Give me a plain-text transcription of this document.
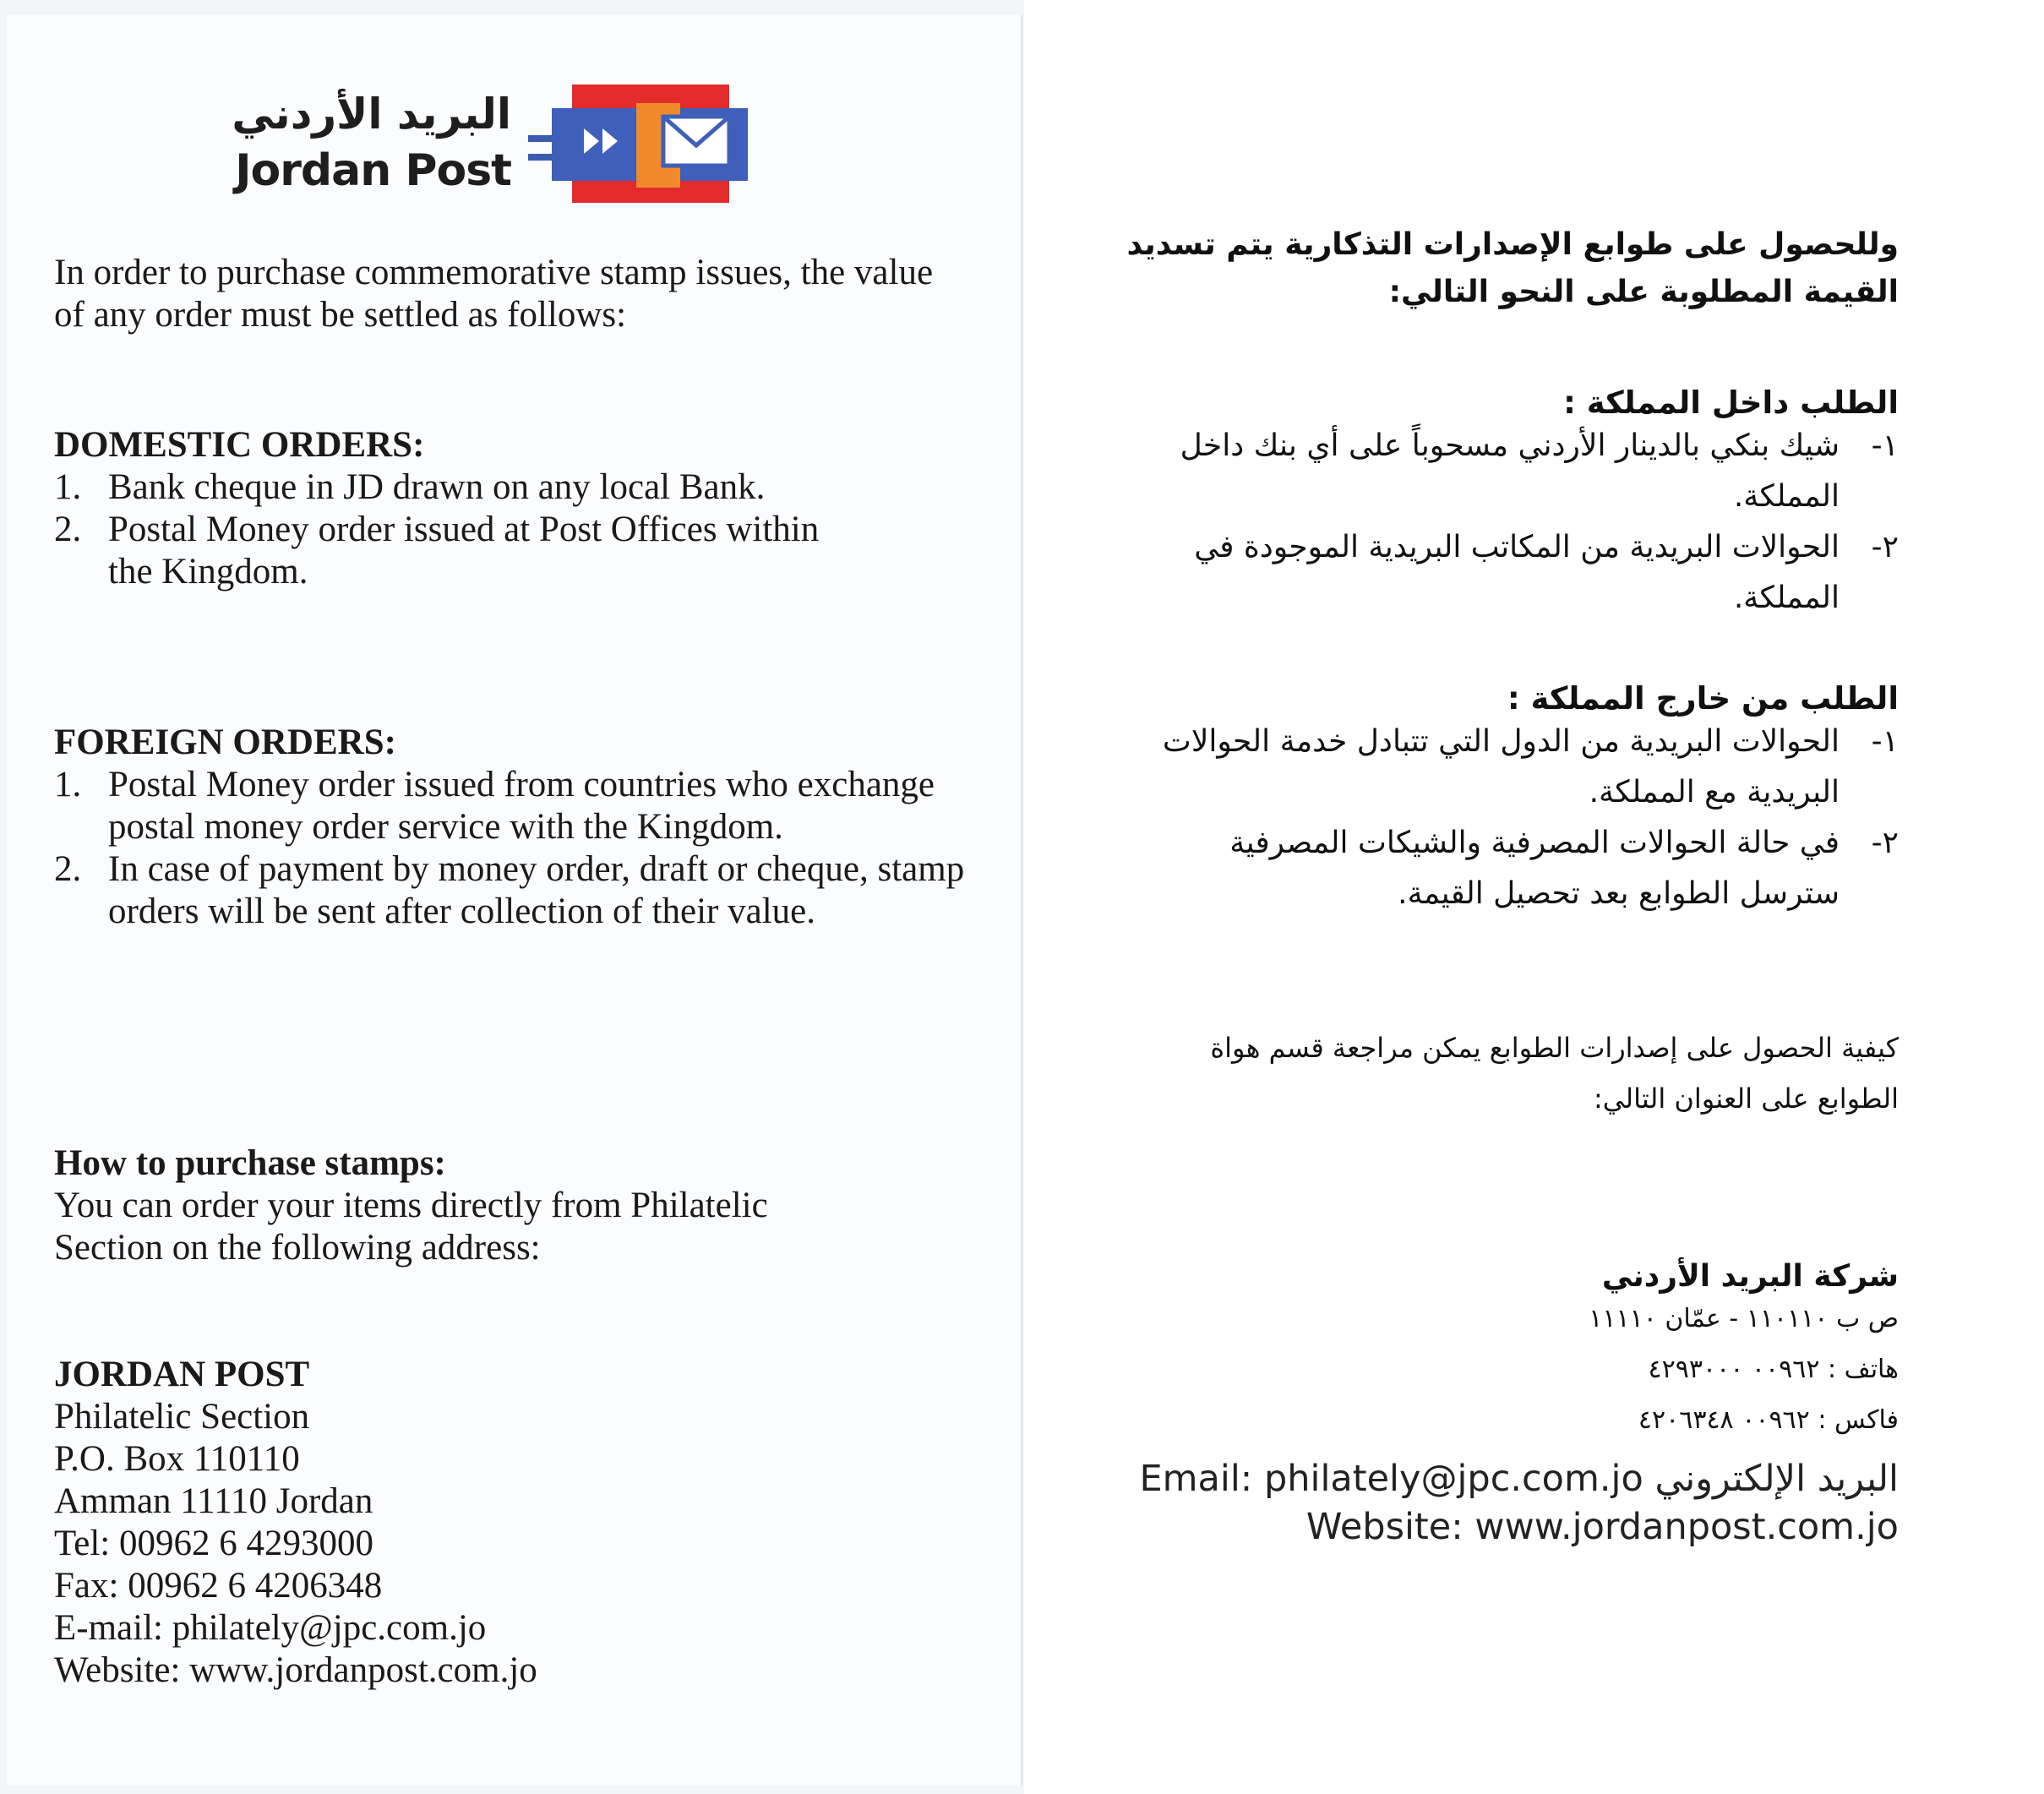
البريد الأردني
Jordan Post
In order to purchase commemorative stamp issues, the value of any order must be settled as follows:
DOMESTIC ORDERS:
1. Bank cheque in JD drawn on any local Bank.
2. Postal Money order issued at Post Offices within the Kingdom.
FOREIGN ORDERS:
1. Postal Money order issued from countries who exchange postal money order service with the Kingdom.
2. In case of payment by money order, draft or cheque, stamp orders will be sent after collection of their value.
How to purchase stamps:
You can order your items directly from Philatelic Section on the following address:
JORDAN POST
Philatelic Section
P.O. Box 110110
Amman 11110 Jordan
Tel: 00962 6 4293000
Fax: 00962 6 4206348
E-mail: philately@jpc.com.jo
Website: www.jordanpost.com.jo
وللحصول على طوابع الإصدارات التذكارية يتم تسديد القيمة المطلوبة على النحو التالي:
الطلب داخل المملكة :
١-
شيك بنكي بالدينار الأردني مسحوباً على أي بنك داخل المملكة.
٢-
الحوالات البريدية من المكاتب البريدية الموجودة في المملكة.
الطلب من خارج المملكة :
١-
الحوالات البريدية من الدول التي تتبادل خدمة الحوالات البريدية مع المملكة.
٢-
في حالة الحوالات المصرفية والشيكات المصرفية سترسل الطوابع بعد تحصيل القيمة.
كيفية الحصول على إصدارات الطوابع يمكن مراجعة قسم هواة الطوابع على العنوان التالي:
شركة البريد الأردني
ص ب ١١٠١١٠ - عمّان ١١١١٠
هاتف : ٠٠٩٦٢ ٤٢٩٣٠٠٠
فاكس : ٠٠٩٦٢ ٤٢٠٦٣٤٨
Email: philately@jpc.com.jo البريد الإلكتروني
Website: www.jordanpost.com.jo
